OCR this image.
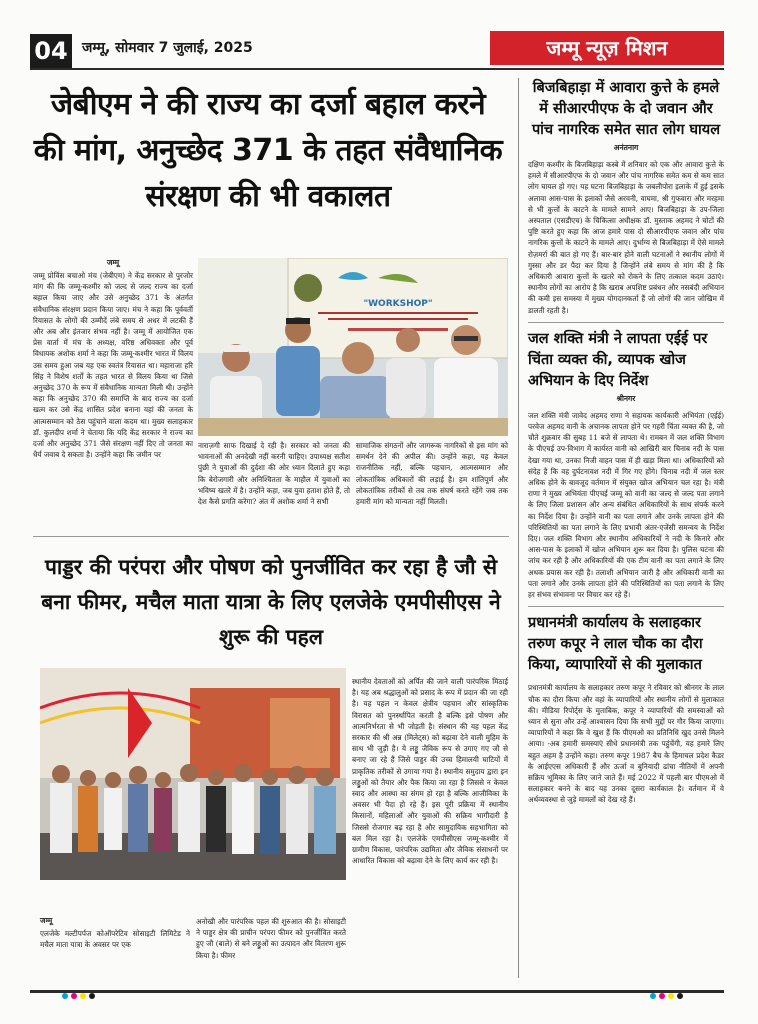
04	जम्मू, सोमवार 7 जुलाई, 2025	जम्मू न्यूज़ मिशन
जेबीएम ने की राज्य का दर्जा बहाल करने की मांग, अनुच्छेद 371 के तहत संवैधानिक संरक्षण की भी वकालत
जम्मू
जम्मू प्रोविंस बचाओ मंच (जेबीएम) ने केंद्र सरकार से पुरजोर मांग की कि जम्मू-कश्मीर को जल्द से जल्द राज्य का दर्जा बहाल किया जाए और उसे अनुच्छेद 371 के अंतर्गत संवैधानिक संरक्षण प्रदान किया जाए। मंच ने कहा कि पूर्ववर्ती रियासत के लोगों की उम्मीदें लंबे समय से अधर में लटकी हैं और अब और इंतजार संभव नहीं है। जम्मू में आयोजित एक प्रेस वार्ता में मंच के अध्यक्ष, वरिष्ठ अधिवक्ता और पूर्व विधायक अशोक शर्मा ने कहा कि जम्मू-कश्मीर भारत में विलय उस समय हुआ जब यह एक स्वतंत्र रियासत था। महाराजा हरि सिंह ने विशेष शर्तों के तहत भारत से विलय किया था जिसे अनुच्छेद 370 के रूप में संवैधानिक मान्यता मिली थी। उन्होंने कहा कि अनुच्छेद 370 की समाप्ति के बाद राज्य का दर्जा खत्म कर उसे केंद्र शासित प्रदेश बनाना यहां की जनता के आत्मसम्मान को ठेस पहुंचाने वाला कदम था। मुख्य सलाहकार डॉ. कुलदीप शर्मा ने चेताया कि यदि केंद्र सरकार ने राज्य का दर्जा और अनुच्छेद 371 जैसे संरक्षण नहीं दिए तो जनता का धैर्य जवाब दे सकता है। उन्होंने कहा कि जमीन पर
"WORKSHOP"
नाराज़गी साफ दिखाई दे रही है। सरकार को जनता की भावनाओं की अनदेखी नहीं करनी चाहिए। उपाध्यक्ष सतीश पुंछी ने युवाओं की दुर्दशा की ओर ध्यान दिलाते हुए कहा कि बेरोजगारी और अनिश्चितता के माहौल में युवाओं का भविष्य खतरे में है। उन्होंने कहा, जब युवा हताश होते हैं, तो देश कैसे प्रगति करेगा? अंत में अशोक शर्मा ने सभी
सामाजिक संगठनों और जागरूक नागरिकों से इस मांग को समर्थन देने की अपील की। उन्होंने कहा, यह केवल राजनीतिक नहीं, बल्कि पहचान, आत्मसम्मान और लोकतांत्रिक अधिकारों की लड़ाई है। हम शांतिपूर्ण और लोकतांत्रिक तरीकों से तब तक संघर्ष करते रहेंगे जब तक हमारी मांग को मान्यता नहीं मिलती।
पाड्डर की परंपरा और पोषण को पुनर्जीवित कर रहा है जौ से बना फीमर, मचैल माता यात्रा के लिए एलजेके एमपीसीएस ने शुरू की पहल
जम्मू
एलजेके मल्टीपर्पज कोऑपरेटिव सोसाइटी लिमिटेड ने मचैल माता यात्रा के अवसर पर एक
अनोखी और पारंपरिक पहल की शुरुआत की है। सोसाइटी ने पाड्डर क्षेत्र की प्राचीन परंपरा फीमर को पुनर्जीवित करते हुए जौ (बाले) से बने लड्डुओं का उत्पादन और वितरण शुरू किया है। फीमर
स्थानीय देवताओं को अर्पित की जाने वाली पारंपरिक मिठाई है। यह अब श्रद्धालुओं को प्रसाद के रूप में प्रदान की जा रही है। यह पहल न केवल क्षेत्रीय पहचान और सांस्कृतिक विरासत को पुनर्स्थापित करती है बल्कि इसे पोषण और आत्मनिर्भरता से भी जोड़ती है। संस्थान की यह पहल केंद्र सरकार की श्री अन्न (मिलेट्स) को बढ़ावा देने वाली मुहिम के साथ भी जुड़ी है। ये लड्डू जैविक रूप से उगाए गए जौ से बनाए जा रहे हैं जिसे पाड्डर की उच्च हिमालयी घाटियों में प्राकृतिक तरीकों से उगाया गया है। स्थानीय समुदाय द्वारा इन लड्डुओं को तैयार और पैक किया जा रहा है जिससे न केवल स्वाद और आस्था का संगम हो रहा है बल्कि आजीविका के अवसर भी पैदा हो रहे हैं। इस पूरी प्रक्रिया में स्थानीय किसानों, महिलाओं और युवाओं की सक्रिय भागीदारी है जिससे रोजगार बढ़ रहा है और सामुदायिक सहभागिता को बल मिल रहा है। एलजेके एमपीसीएस जम्मू-कश्मीर में ग्रामीण विकास, पारंपरिक उद्यमिता और जैविक संसाधनों पर आधारित विकास को बढ़ावा देने के लिए कार्य कर रही है।
बिजबिहाड़ा में आवारा कुत्ते के हमले में सीआरपीएफ के दो जवान और पांच नागरिक समेत सात लोग घायल
अनंतनाग
दक्षिण कश्मीर के बिजबिहाड़ा कस्बे में शनिवार को एक और आवारा कुत्ते के हमले में सीआरपीएफ के दो जवान और पांच नागरिक समेत कम से कम सात लोग घायल हो गए। यह घटना बिजबिहाड़ा के जबलीपोरा इलाके में हुई इसके अलावा आस-पास के इलाकों जैसे अरवनी, वाघमा, श्री गुफवारा और मरहमा से भी कुत्तों के काटने के मामले सामने आए। बिजबिहाड़ा के उप-जिला अस्पताल (एसडीएच) के चिकित्सा अधीक्षक डॉ. मुस्ताक अहमद ने चोटों की पुष्टि करते हुए कहा कि आज हमारे पास दो सीआरपीएफ जवान और पांच नागरिक कुत्तों के काटने के मामले आए। दुर्भाग्य से बिजबिहाड़ा में ऐसे मामले रोज़मर्रा की बात हो गए हैं। बार-बार होने वाली घटनाओं ने स्थानीय लोगों में गुस्सा और डर पैदा कर दिया है जिन्होंने लंबे समय से मांग की है कि अधिकारी आवारा कुत्तों के खतरे को रोकने के लिए तत्काल कदम उठाएं। स्थानीय लोगों का आरोप है कि खराब अपशिष्ट प्रबंधन और नसबंदी अभियान की कमी इस समस्या में मुख्य योगदानकर्ता हैं जो लोगों की जान जोखिम में डालती रहती है।
जल शक्ति मंत्री ने लापता एईई पर चिंता व्यक्त की, व्यापक खोज अभियान के दिए निर्देश
श्रीनगर
जल शक्ति मंत्री जावेद अहमद राणा ने सहायक कार्यकारी अभियंता (एईई) परवेज अहमद वानी के अचानक लापता होने पर गहरी चिंता व्यक्त की है, जो चौते शुक्रवार की सुबह 11 बजे से लापता थे। रामबन में जल शक्ति विभाग के पीएचई उप-विभाग में कार्यरत वानी को आखिरी बार चिनाब नदी के पास देखा गया था, उनका निजी वाहन पास में ही खड़ा मिला था। अधिकारियों को संदेह है कि वह दुर्घटनावश नदी में गिर गए होंगे। चिनाब नदी में जल स्तर अधिक होने के बावजूद वर्तमान में संयुक्त खोज अभियान चल रहा है। मंत्री राणा ने मुख्य अभियंता पीएचई जम्मू को वानी का जल्द से जल्द पता लगाने के लिए जिला प्रशासन और अन्य संबंधित अधिकारियों के साथ संपर्क करने का निर्देश दिया है। उन्होंने वानी का पता लगाने और उनके लापता होने की परिस्थितियों का पता लगाने के लिए प्रभावी अंतर-एजेंसी समन्वय के निर्देश दिए। जल शक्ति विभाग और स्थानीय अधिकारियों ने नदी के किनारे और आस-पास के इलाकों में खोज अभियान शुरू कर दिया है। पुलिस घटना की जांच कर रही है और अधिकारियों की एक टीम वानी का पता लगाने के लिए अथक प्रयास कर रही है। तलाशी अभियान जारी है और अधिकारी वानी का पता लगाने और उनके लापता होने की परिस्थितियों का पता लगाने के लिए हर संभव संभावना पर विचार कर रहे हैं।
प्रधानमंत्री कार्यालय के सलाहकार तरुण कपूर ने लाल चौक का दौरा किया, व्यापारियों से की मुलाकात
प्रधानमंत्री कार्यालय के सलाहकार तरुण कपूर ने रविवार को श्रीनगर के लाल चौक का दौरा किया और वहां के व्यापारियों और स्थानीय लोगों से मुलाकात की। मीडिया रिपोर्ट्स के मुताबिक, कपूर ने व्यापारियों की समस्याओं को ध्यान से सुना और उन्हें आश्वासन दिया कि सभी मुद्दों पर गौर किया जाएगा। व्यापारियों ने कहा कि वे खुश हैं कि पीएमओ का प्रतिनिधि खुद उनसे मिलने आया। -अब हमारी समस्याएं सीधे प्रधानमंत्री तक पहुंचेंगी, यह हमारे लिए बहुत अहम है उन्होंने कहा। तरुण कपूर 1987 बैच के हिमाचल प्रदेश कैडर के आईएएस अधिकारी हैं और ऊर्जा व बुनियादी ढांचा नीतियों में अपनी सक्रिय भूमिका के लिए जाने जाते हैं। मई 2022 में पहली बार पीएमओ में सलाहकार बनने के बाद यह उनका दूसरा कार्यकाल है। वर्तमान में वे अर्थव्यवस्था से जुड़े मामलों को देख रहे हैं।
